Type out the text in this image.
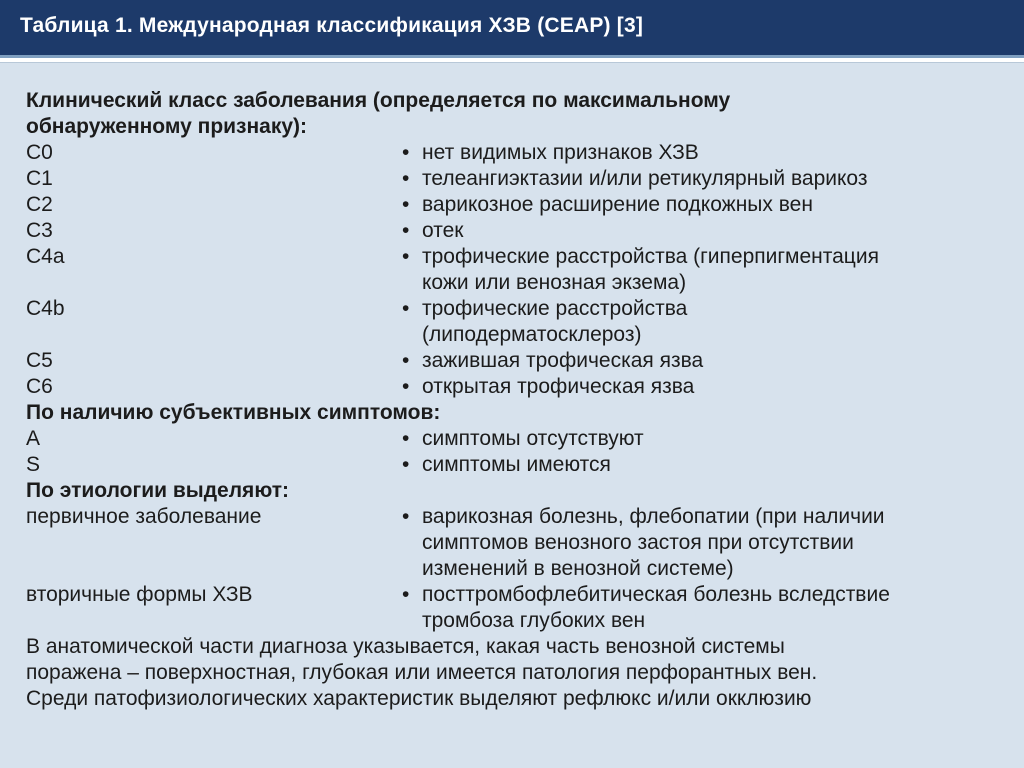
Таблица 1. Международная классификация ХЗВ (CEAP) [3]
Клинический класс заболевания (определяется по максимальному
обнаруженному признаку):
C0	• нет видимых признаков ХЗВ
C1	• телеангиэктазии и/или ретикулярный варикоз
C2	• варикозное расширение подкожных вен
C3	• отек
C4a	• трофические расстройства (гиперпигментация
кожи или венозная экзема)
C4b	• трофические расстройства
(липодерматосклероз)
C5	• зажившая трофическая язва
C6	• открытая трофическая язва
По наличию субъективных симптомов:
A	• симптомы отсутствуют
S	• симптомы имеются
По этиологии выделяют:
первичное заболевание	• варикозная болезнь, флебопатии (при наличии
симптомов венозного застоя при отсутствии
изменений в венозной системе)
вторичные формы ХЗВ	• посттромбофлебитическая болезнь вследствие
тромбоза глубоких вен
В анатомической части диагноза указывается, какая часть венозной системы
поражена – поверхностная, глубокая или имеется патология перфорантных вен.
Среди патофизиологических характеристик выделяют рефлюкс и/или окклюзию
